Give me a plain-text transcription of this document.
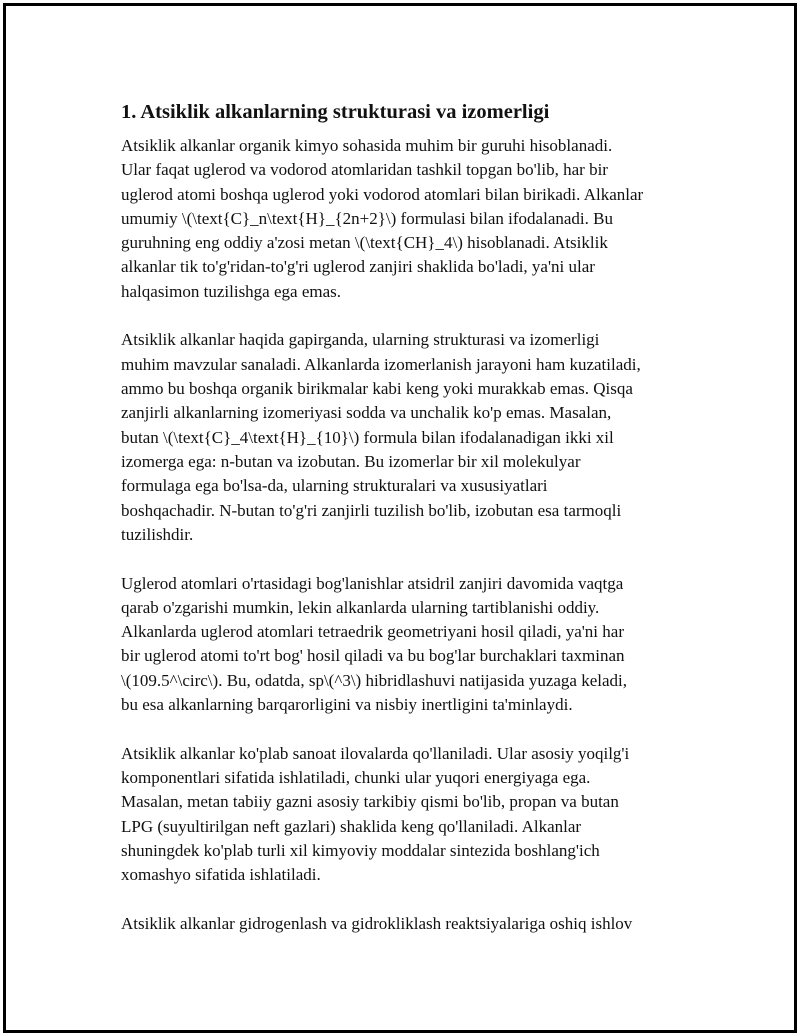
1. Atsiklik alkanlarning strukturasi va izomerligi
Atsiklik alkanlar organik kimyo sohasida muhim bir guruhi hisoblanadi.
Ular faqat uglerod va vodorod atomlaridan tashkil topgan bo'lib, har bir
uglerod atomi boshqa uglerod yoki vodorod atomlari bilan birikadi. Alkanlar
umumiy \(\text{C}_n\text{H}_{2n+2}\) formulasi bilan ifodalanadi. Bu
guruhning eng oddiy a'zosi metan \(\text{CH}_4\) hisoblanadi. Atsiklik
alkanlar tik to'g'ridan-to'g'ri uglerod zanjiri shaklida bo'ladi, ya'ni ular
halqasimon tuzilishga ega emas.
Atsiklik alkanlar haqida gapirganda, ularning strukturasi va izomerligi
muhim mavzular sanaladi. Alkanlarda izomerlanish jarayoni ham kuzatiladi,
ammo bu boshqa organik birikmalar kabi keng yoki murakkab emas. Qisqa
zanjirli alkanlarning izomeriyasi sodda va unchalik ko'p emas. Masalan,
butan \(\text{C}_4\text{H}_{10}\) formula bilan ifodalanadigan ikki xil
izomerga ega: n-butan va izobutan. Bu izomerlar bir xil molekulyar
formulaga ega bo'lsa-da, ularning strukturalari va xususiyatlari
boshqachadir. N-butan to'g'ri zanjirli tuzilish bo'lib, izobutan esa tarmoqli
tuzilishdir.
Uglerod atomlari o'rtasidagi bog'lanishlar atsidril zanjiri davomida vaqtga
qarab o'zgarishi mumkin, lekin alkanlarda ularning tartiblanishi oddiy.
Alkanlarda uglerod atomlari tetraedrik geometriyani hosil qiladi, ya'ni har
bir uglerod atomi to'rt bog' hosil qiladi va bu bog'lar burchaklari taxminan
\(109.5^\circ\). Bu, odatda, sp\(^3\) hibridlashuvi natijasida yuzaga keladi,
bu esa alkanlarning barqarorligini va nisbiy inertligini ta'minlaydi.
Atsiklik alkanlar ko'plab sanoat ilovalarda qo'llaniladi. Ular asosiy yoqilg'i
komponentlari sifatida ishlatiladi, chunki ular yuqori energiyaga ega.
Masalan, metan tabiiy gazni asosiy tarkibiy qismi bo'lib, propan va butan
LPG (suyultirilgan neft gazlari) shaklida keng qo'llaniladi. Alkanlar
shuningdek ko'plab turli xil kimyoviy moddalar sintezida boshlang'ich
xomashyo sifatida ishlatiladi.
Atsiklik alkanlar gidrogenlash va gidrokliklash reaktsiyalariga oshiq ishlov
